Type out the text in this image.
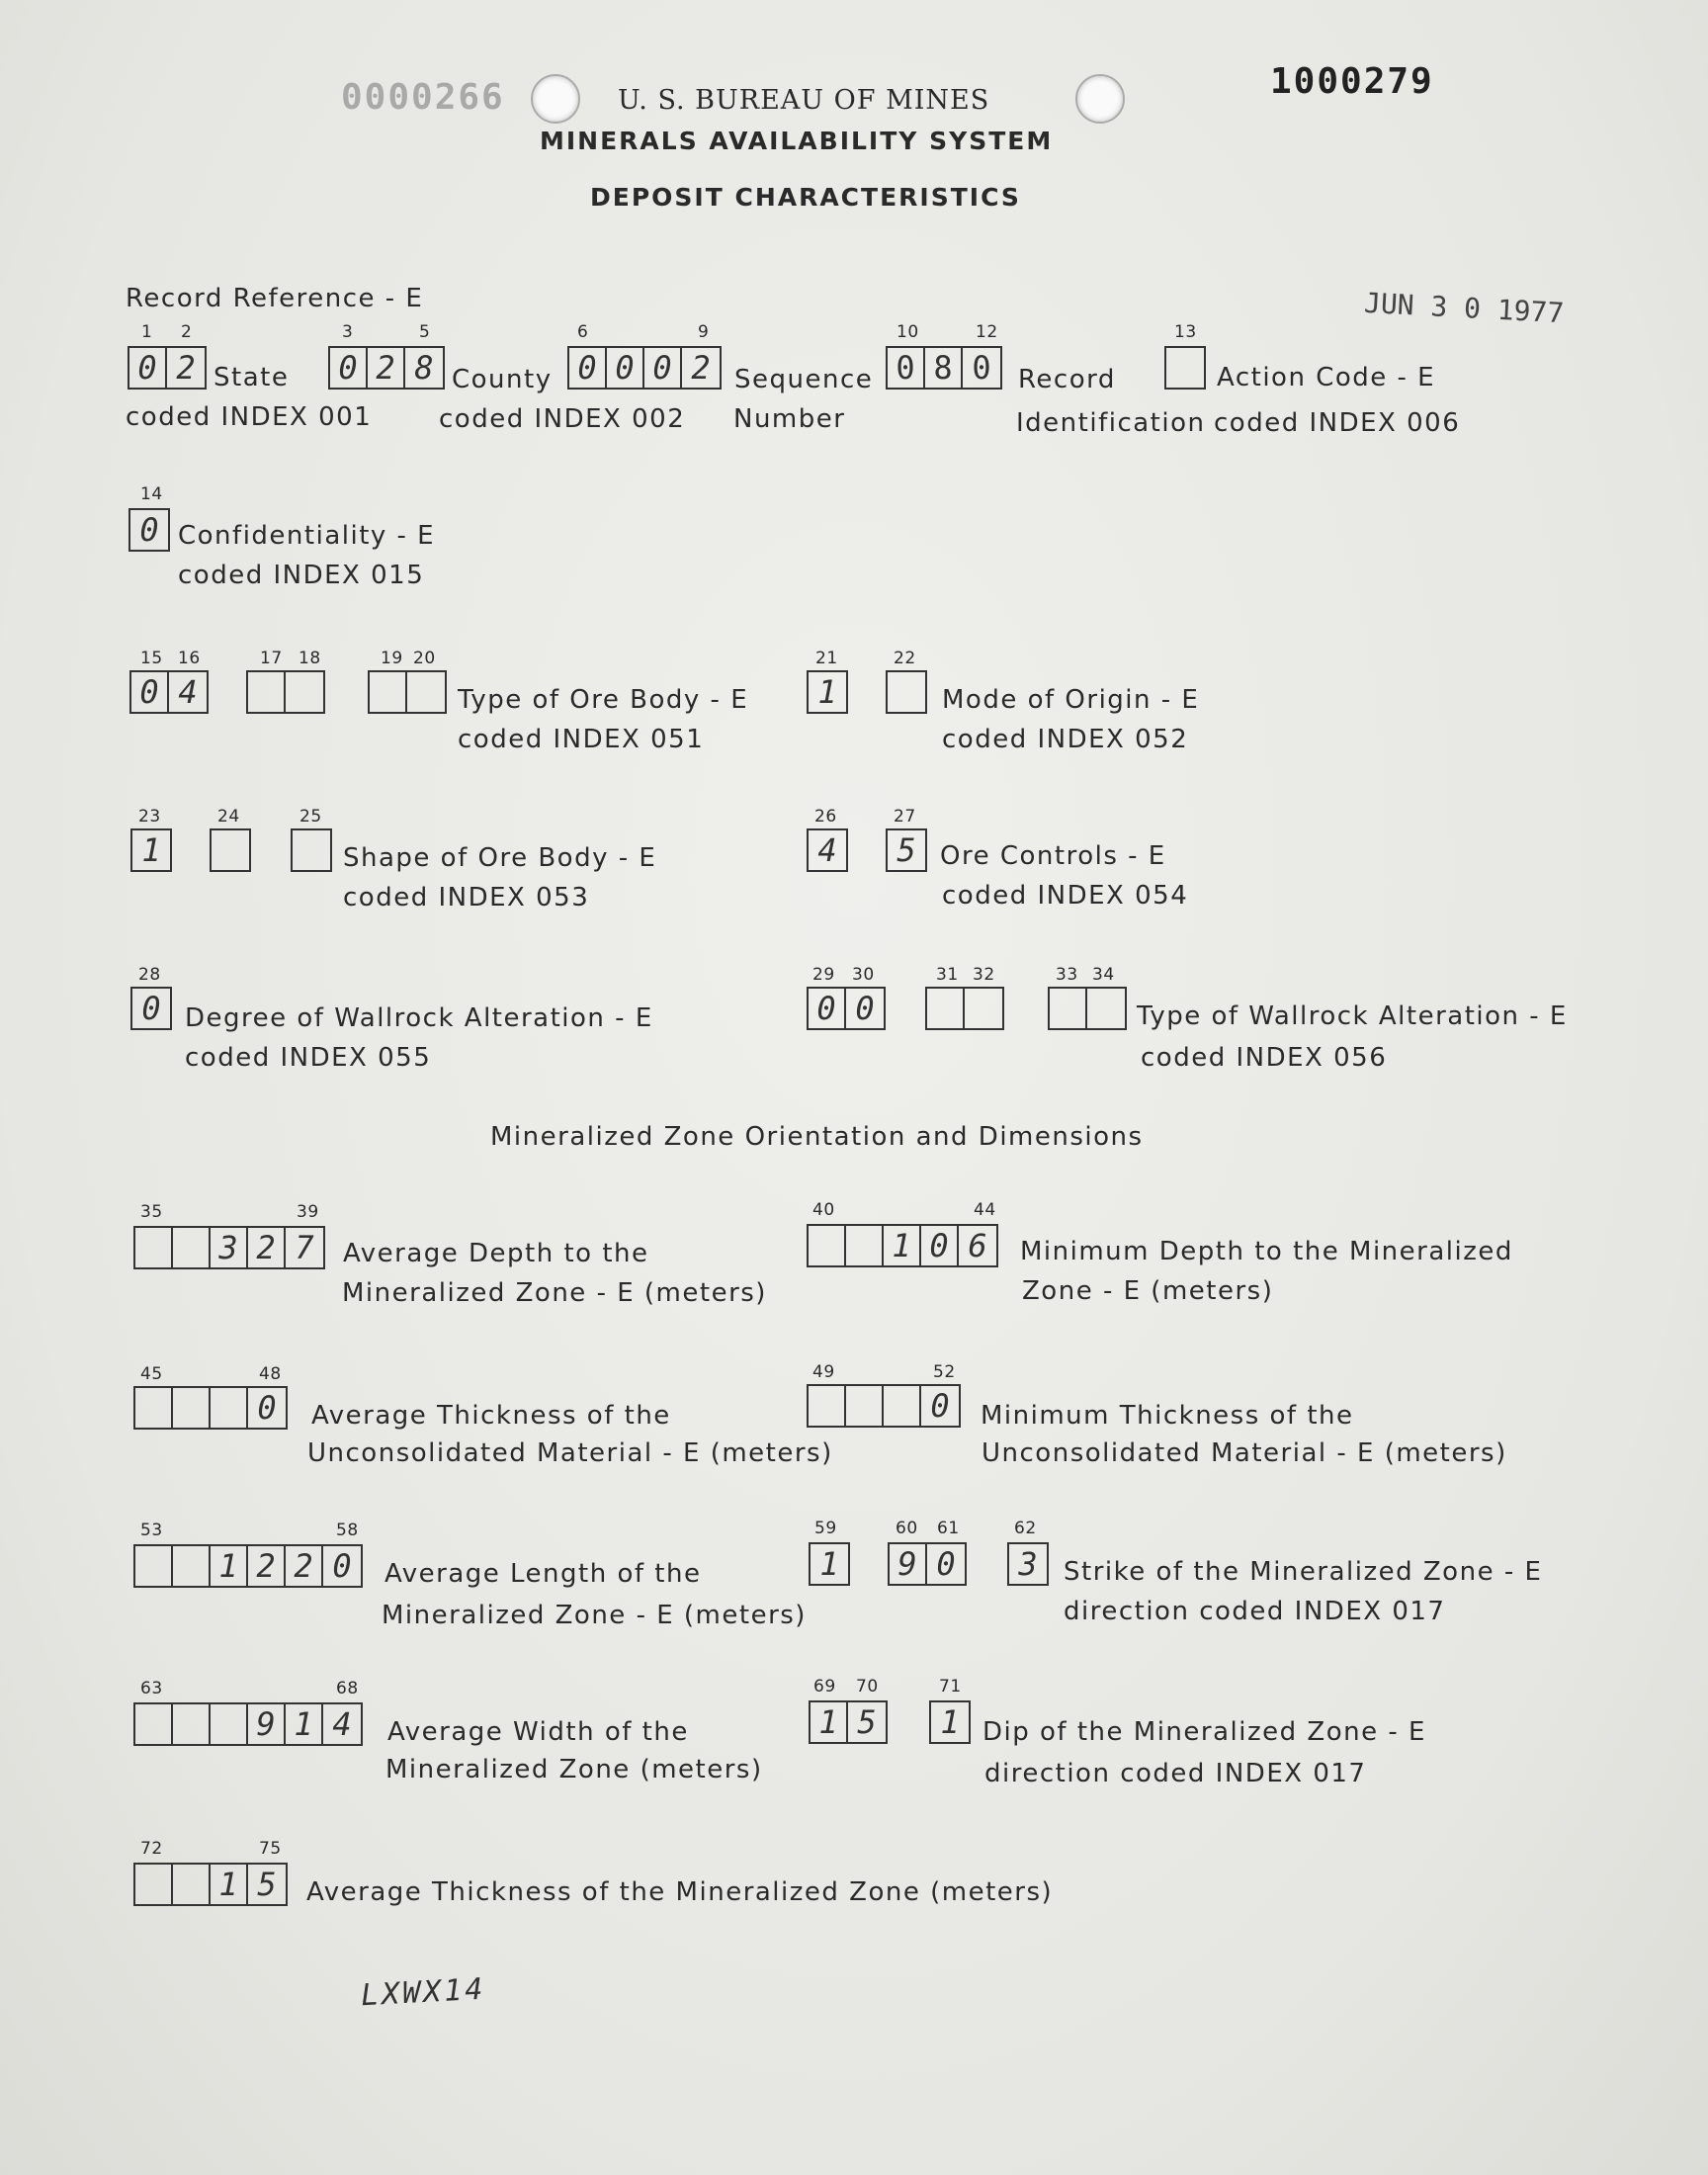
0000266	U. S. BUREAU OF MINES
MINERALS AVAILABILITY SYSTEM
DEPOSIT CHARACTERISTICS
1000279
JUN 3 0 1977
Record Reference - E
1 2
0 2 State
coded INDEX 001
3	5
0 2 8 County
coded INDEX 002
6	9
0 0 0 2 Sequence
Number
10	12
0 8 0	Record
Identification
13
Action Code - E
coded INDEX 006
14
0 Confidentiality - E
coded INDEX 015
15 16
0 4
17 18	19 20
Type of Ore Body - E
coded INDEX 051
21
1
22
Mode of Origin - E
coded INDEX 052
23
1
24	25
Shape of Ore Body - E
coded INDEX 053
26
4
27
5 Ore Controls - E
coded INDEX 054
28
0 Degree of Wallrock Alteration - E
coded INDEX 055
29 30
0 0
31 32	33 34
Type of Wallrock Alteration - E
coded INDEX 056
Mineralized Zone Orientation and Dimensions
35	39
3 2 7	Average Depth to the
Mineralized Zone - E (meters)
40	44
1 0 6	Minimum Depth to the Mineralized
Zone - E (meters)
45	48
0	Average Thickness of the
Unconsolidated Material - E (meters)
49	52
0	Minimum Thickness of the
Unconsolidated Material - E (meters)
53	58
1 2 2 0	Average Length of the
Mineralized Zone - E (meters)
59
1
60 61
9 0
62
3	Strike of the Mineralized Zone - E
direction coded INDEX 017
63	68
9 1 4	Average Width of the
Mineralized Zone (meters)
69 70
1 5
71
1 Dip of the Mineralized Zone - E
direction coded INDEX 017
72	75
1 5	Average Thickness of the Mineralized Zone (meters)
LXWX14
